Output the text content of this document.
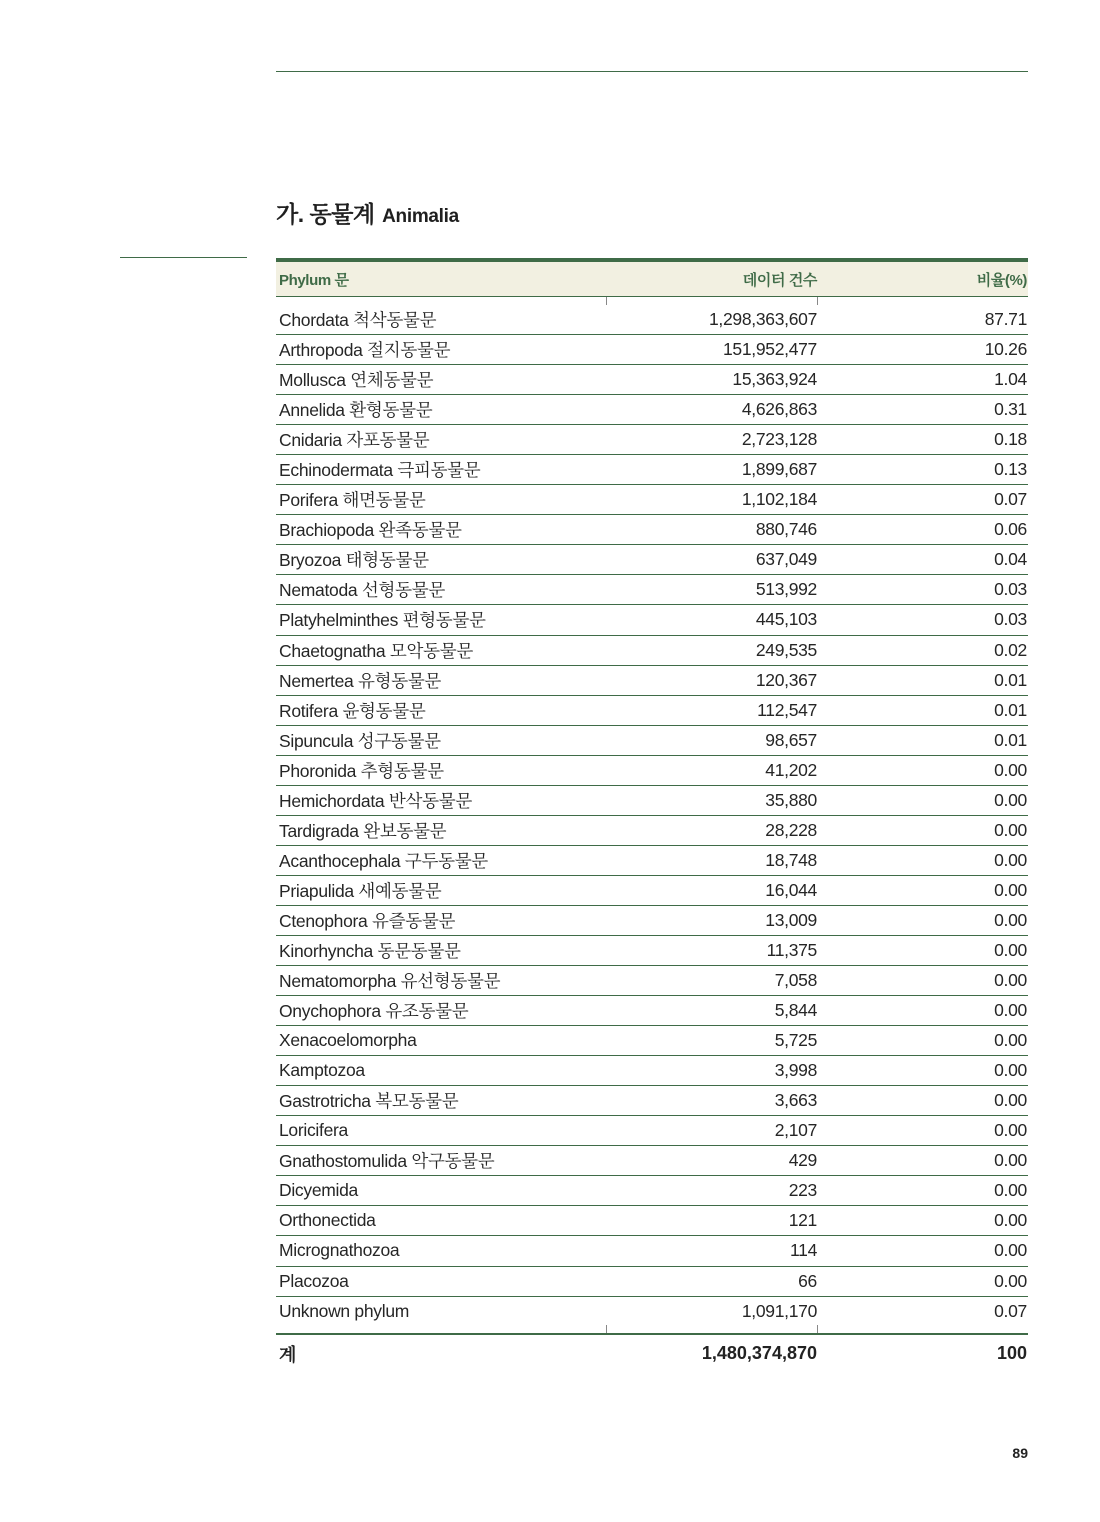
가. 동물계 Animalia
Phylum 문	데이터 건수	비율(%)
Chordata 척삭동물문	1,298,363,607	87.71
Arthropoda 절지동물문	151,952,477	10.26
Mollusca 연체동물문	15,363,924	1.04
Annelida 환형동물문	4,626,863	0.31
Cnidaria 자포동물문	2,723,128	0.18
Echinodermata 극피동물문	1,899,687	0.13
Porifera 해면동물문	1,102,184	0.07
Brachiopoda 완족동물문	880,746	0.06
Bryozoa 태형동물문	637,049	0.04
Nematoda 선형동물문	513,992	0.03
Platyhelminthes 편형동물문	445,103	0.03
Chaetognatha 모악동물문	249,535	0.02
Nemertea 유형동물문	120,367	0.01
Rotifera 윤형동물문	112,547	0.01
Sipuncula 성구동물문	98,657	0.01
Phoronida 추형동물문	41,202	0.00
Hemichordata 반삭동물문	35,880	0.00
Tardigrada 완보동물문	28,228	0.00
Acanthocephala 구두동물문	18,748	0.00
Priapulida 새예동물문	16,044	0.00
Ctenophora 유즐동물문	13,009	0.00
Kinorhyncha 동문동물문	11,375	0.00
Nematomorpha 유선형동물문	7,058	0.00
Onychophora 유조동물문	5,844	0.00
Xenacoelomorpha	5,725	0.00
Kamptozoa	3,998	0.00
Gastrotricha 복모동물문	3,663	0.00
Loricifera	2,107	0.00
Gnathostomulida 악구동물문	429	0.00
Dicyemida	223	0.00
Orthonectida	121	0.00
Micrognathozoa	114	0.00
Placozoa	66	0.00
Unknown phylum	1,091,170	0.07
계	1,480,374,870	100
89
